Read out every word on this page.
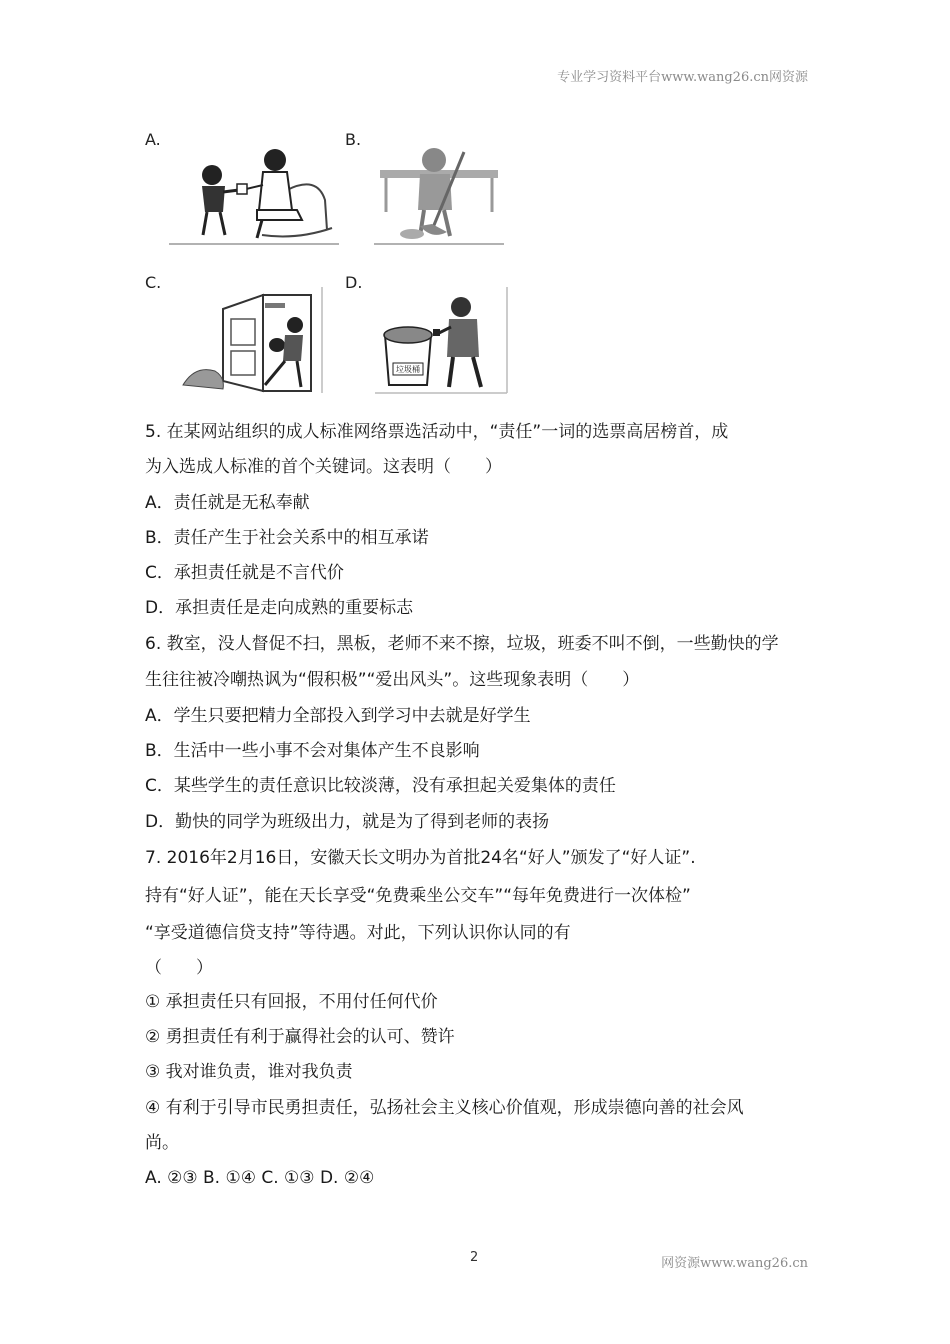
专业学习资料平台www.wang26.cn网资源
A.	B.
C.	D.
垃圾桶
5. 在某网站组织的成人标准网络票选活动中，“责任”一词的选票高居榜首，成
为入选成人标准的首个关键词。这表明（　　）
A．责任就是无私奉献
B．责任产生于社会关系中的相互承诺
C．承担责任就是不言代价
D．承担责任是走向成熟的重要标志
6. 教室，没人督促不扫，黑板，老师不来不擦，垃圾，班委不叫不倒，一些勤快的学
生往往被冷嘲热讽为“假积极”“爱出风头”。这些现象表明（　　）
A．学生只要把精力全部投入到学习中去就是好学生
B．生活中一些小事不会对集体产生不良影响
C．某些学生的责任意识比较淡薄，没有承担起关爱集体的责任
D．勤快的同学为班级出力，就是为了得到老师的表扬
7. 2016年2月16日，安徽天长文明办为首批24名“好人”颁发了“好人证”.
持有“好人证”，能在天长享受“免费乘坐公交车”“每年免费进行一次体检”
“享受道德信贷支持”等待遇。对此，下列认识你认同的有
（　　）
① 承担责任只有回报，不用付任何代价
② 勇担责任有利于赢得社会的认可、赞许
③ 我对谁负责，谁对我负责
④ 有利于引导市民勇担责任，弘扬社会主义核心价值观，形成崇德向善的社会风
尚。
A. ②③ B. ①④ C. ①③ D. ②④
2	网资源www.wang26.cn
